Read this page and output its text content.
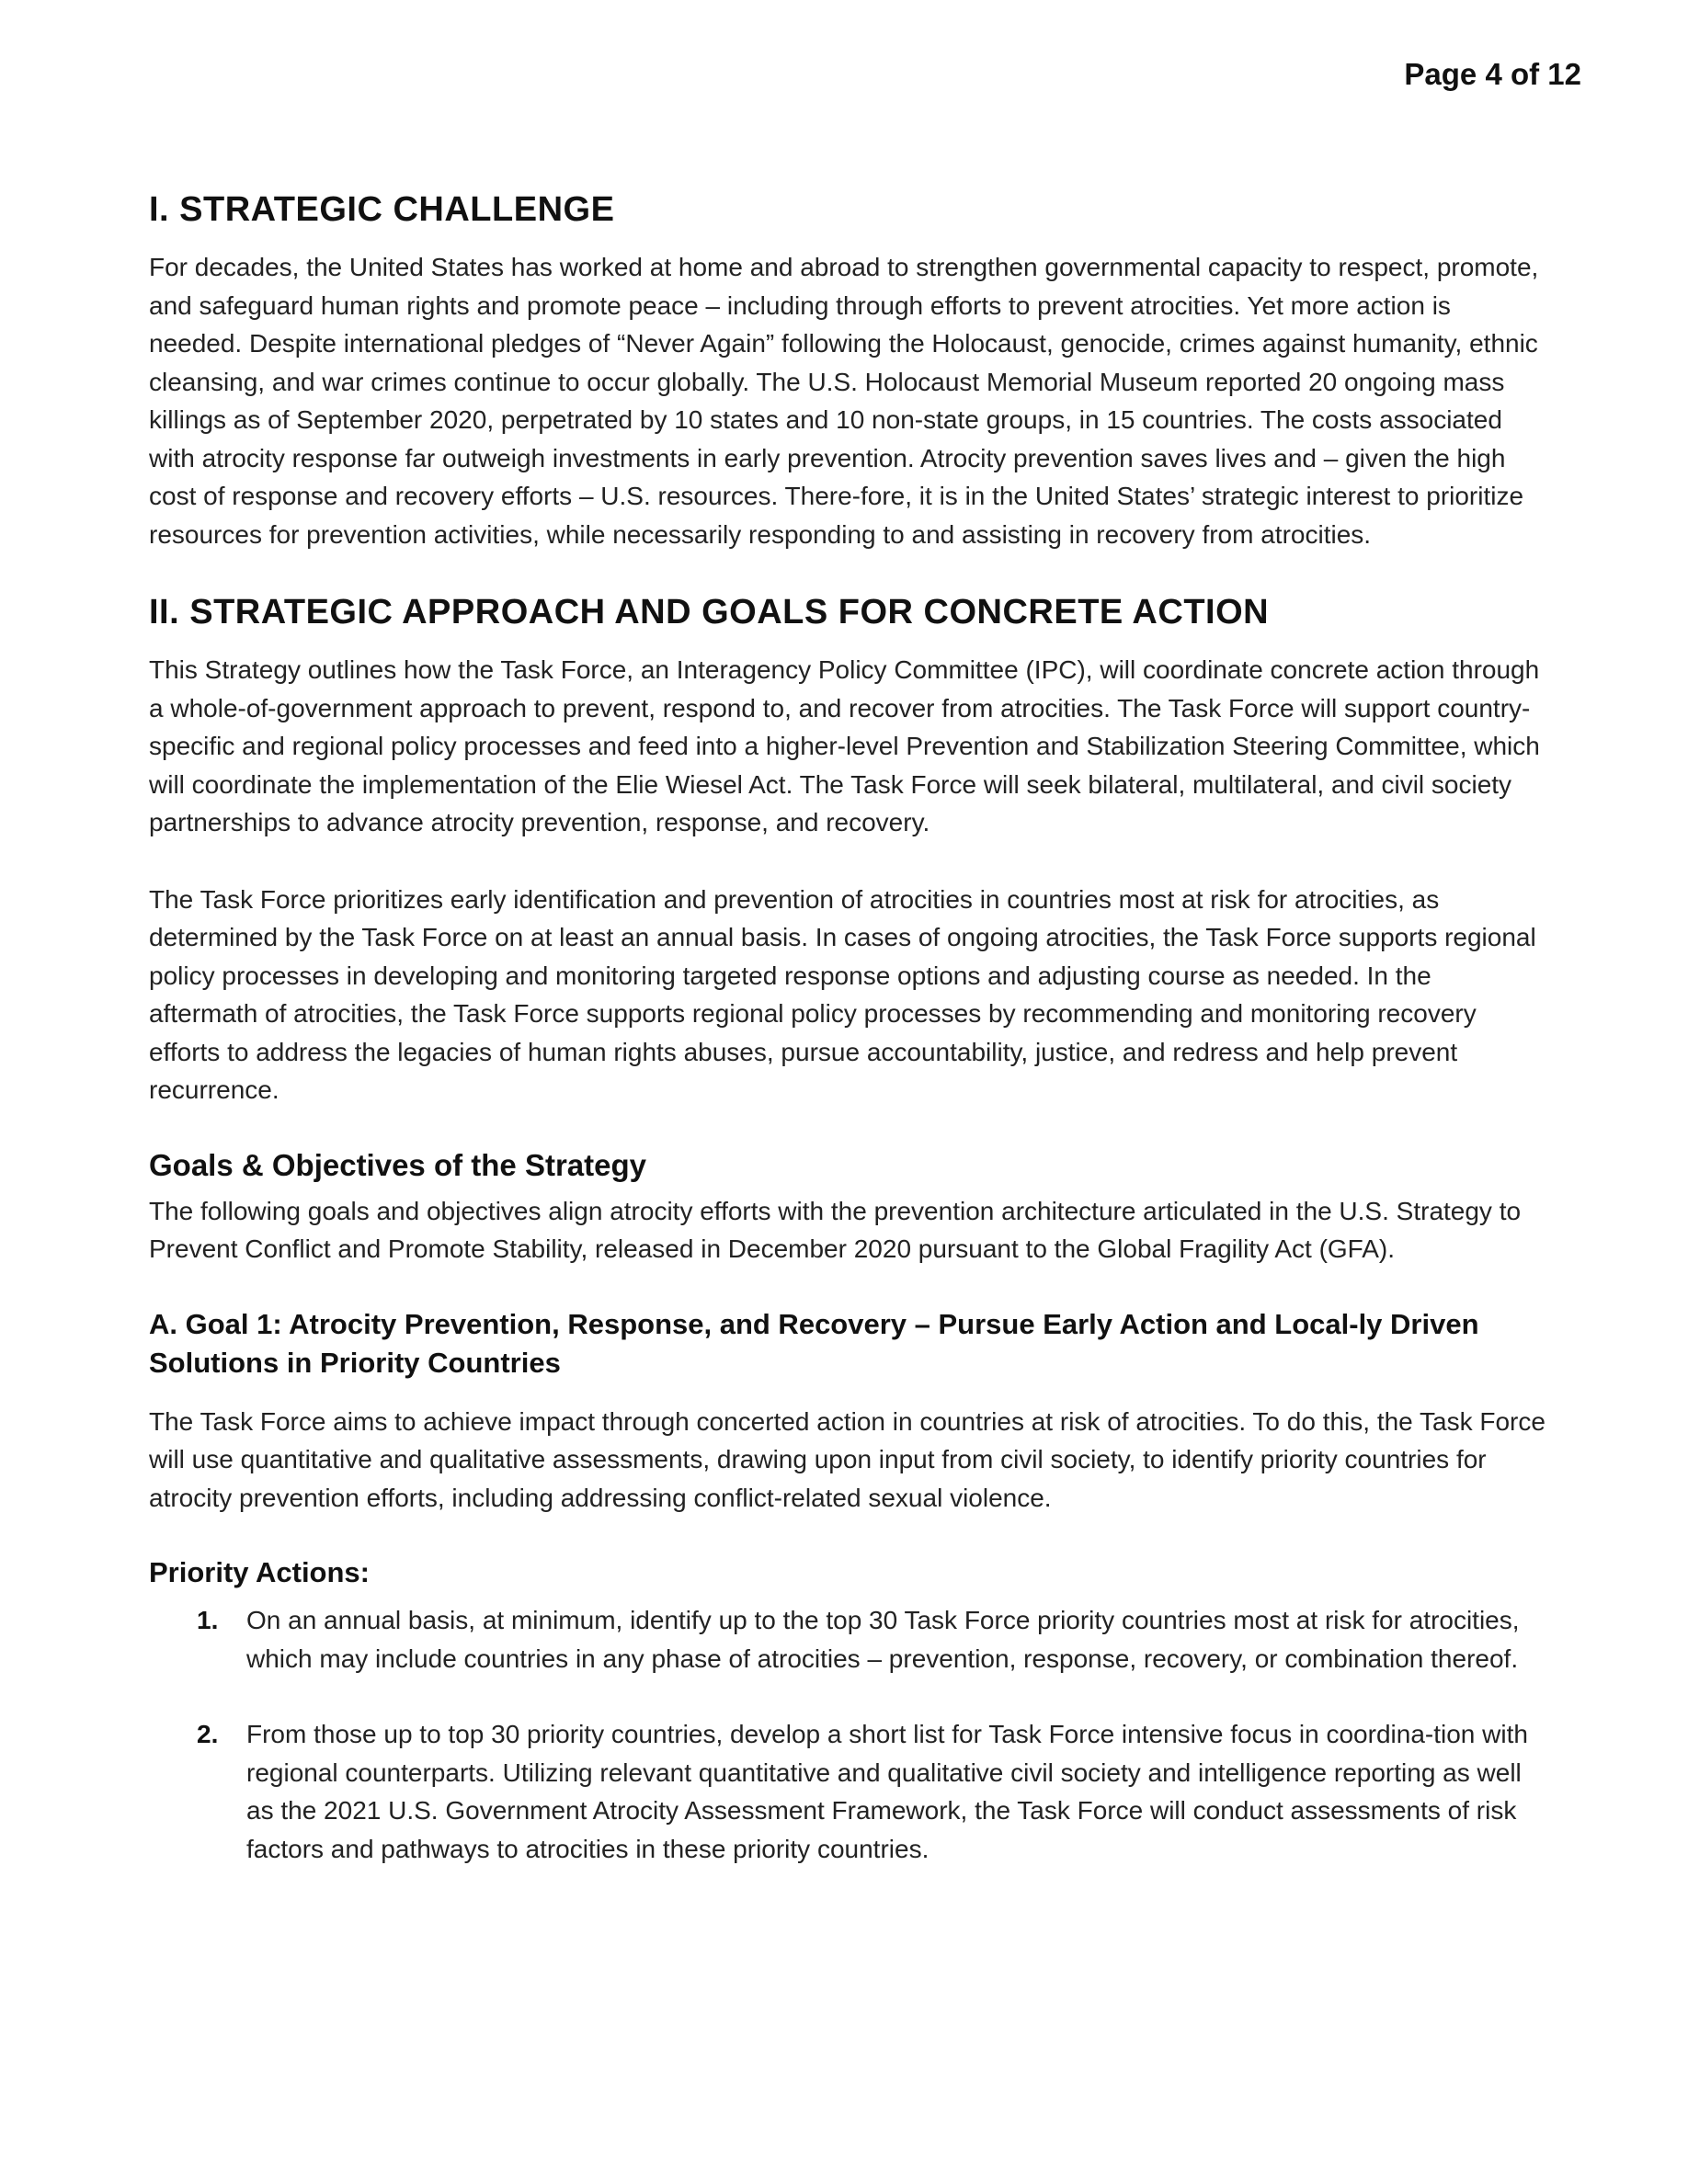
Page 4 of 12
I. STRATEGIC CHALLENGE

For decades, the United States has worked at home and abroad to strengthen governmental capacity to respect, promote, and safeguard human rights and promote peace – including through efforts to prevent atrocities. Yet more action is needed. Despite international pledges of “Never Again” following the Holocaust, genocide, crimes against humanity, ethnic cleansing, and war crimes continue to occur globally. The U.S. Holocaust Memorial Museum reported 20 ongoing mass killings as of September 2020, perpetrated by 10 states and 10 non-state groups, in 15 countries. The costs associated with atrocity response far outweigh investments in early prevention. Atrocity prevention saves lives and – given the high cost of response and recovery efforts – U.S. resources. There-fore, it is in the United States’ strategic interest to prioritize resources for prevention activities, while necessarily responding to and assisting in recovery from atrocities.

II. STRATEGIC APPROACH AND GOALS FOR CONCRETE ACTION

This Strategy outlines how the Task Force, an Interagency Policy Committee (IPC), will coordinate concrete action through a whole-of-government approach to prevent, respond to, and recover from atrocities. The Task Force will support country-specific and regional policy processes and feed into a higher-level Prevention and Stabilization Steering Committee, which will coordinate the implementation of the Elie Wiesel Act. The Task Force will seek bilateral, multilateral, and civil society partnerships to advance atrocity prevention, response, and recovery.

The Task Force prioritizes early identification and prevention of atrocities in countries most at risk for atrocities, as determined by the Task Force on at least an annual basis. In cases of ongoing atrocities, the Task Force supports regional policy processes in developing and monitoring targeted response options and adjusting course as needed. In the aftermath of atrocities, the Task Force supports regional policy processes by recommending and monitoring recovery efforts to address the legacies of human rights abuses, pursue accountability, justice, and redress and help prevent recurrence.

Goals & Objectives of the Strategy

The following goals and objectives align atrocity efforts with the prevention architecture articulated in the U.S. Strategy to Prevent Conflict and Promote Stability, released in December 2020 pursuant to the Global Fragility Act (GFA).

A. Goal 1: Atrocity Prevention, Response, and Recovery – Pursue Early Action and Local-ly Driven Solutions in Priority Countries

The Task Force aims to achieve impact through concerted action in countries at risk of atrocities. To do this, the Task Force will use quantitative and qualitative assessments, drawing upon input from civil society, to identify priority countries for atrocity prevention efforts, including addressing conflict-related sexual violence.

Priority Actions:
1. On an annual basis, at minimum, identify up to the top 30 Task Force priority countries most at risk for atrocities, which may include countries in any phase of atrocities – prevention, response, recovery, or combination thereof.
2. From those up to top 30 priority countries, develop a short list for Task Force intensive focus in coordina-tion with regional counterparts. Utilizing relevant quantitative and qualitative civil society and intelligence reporting as well as the 2021 U.S. Government Atrocity Assessment Framework, the Task Force will conduct assessments of risk factors and pathways to atrocities in these priority countries.
